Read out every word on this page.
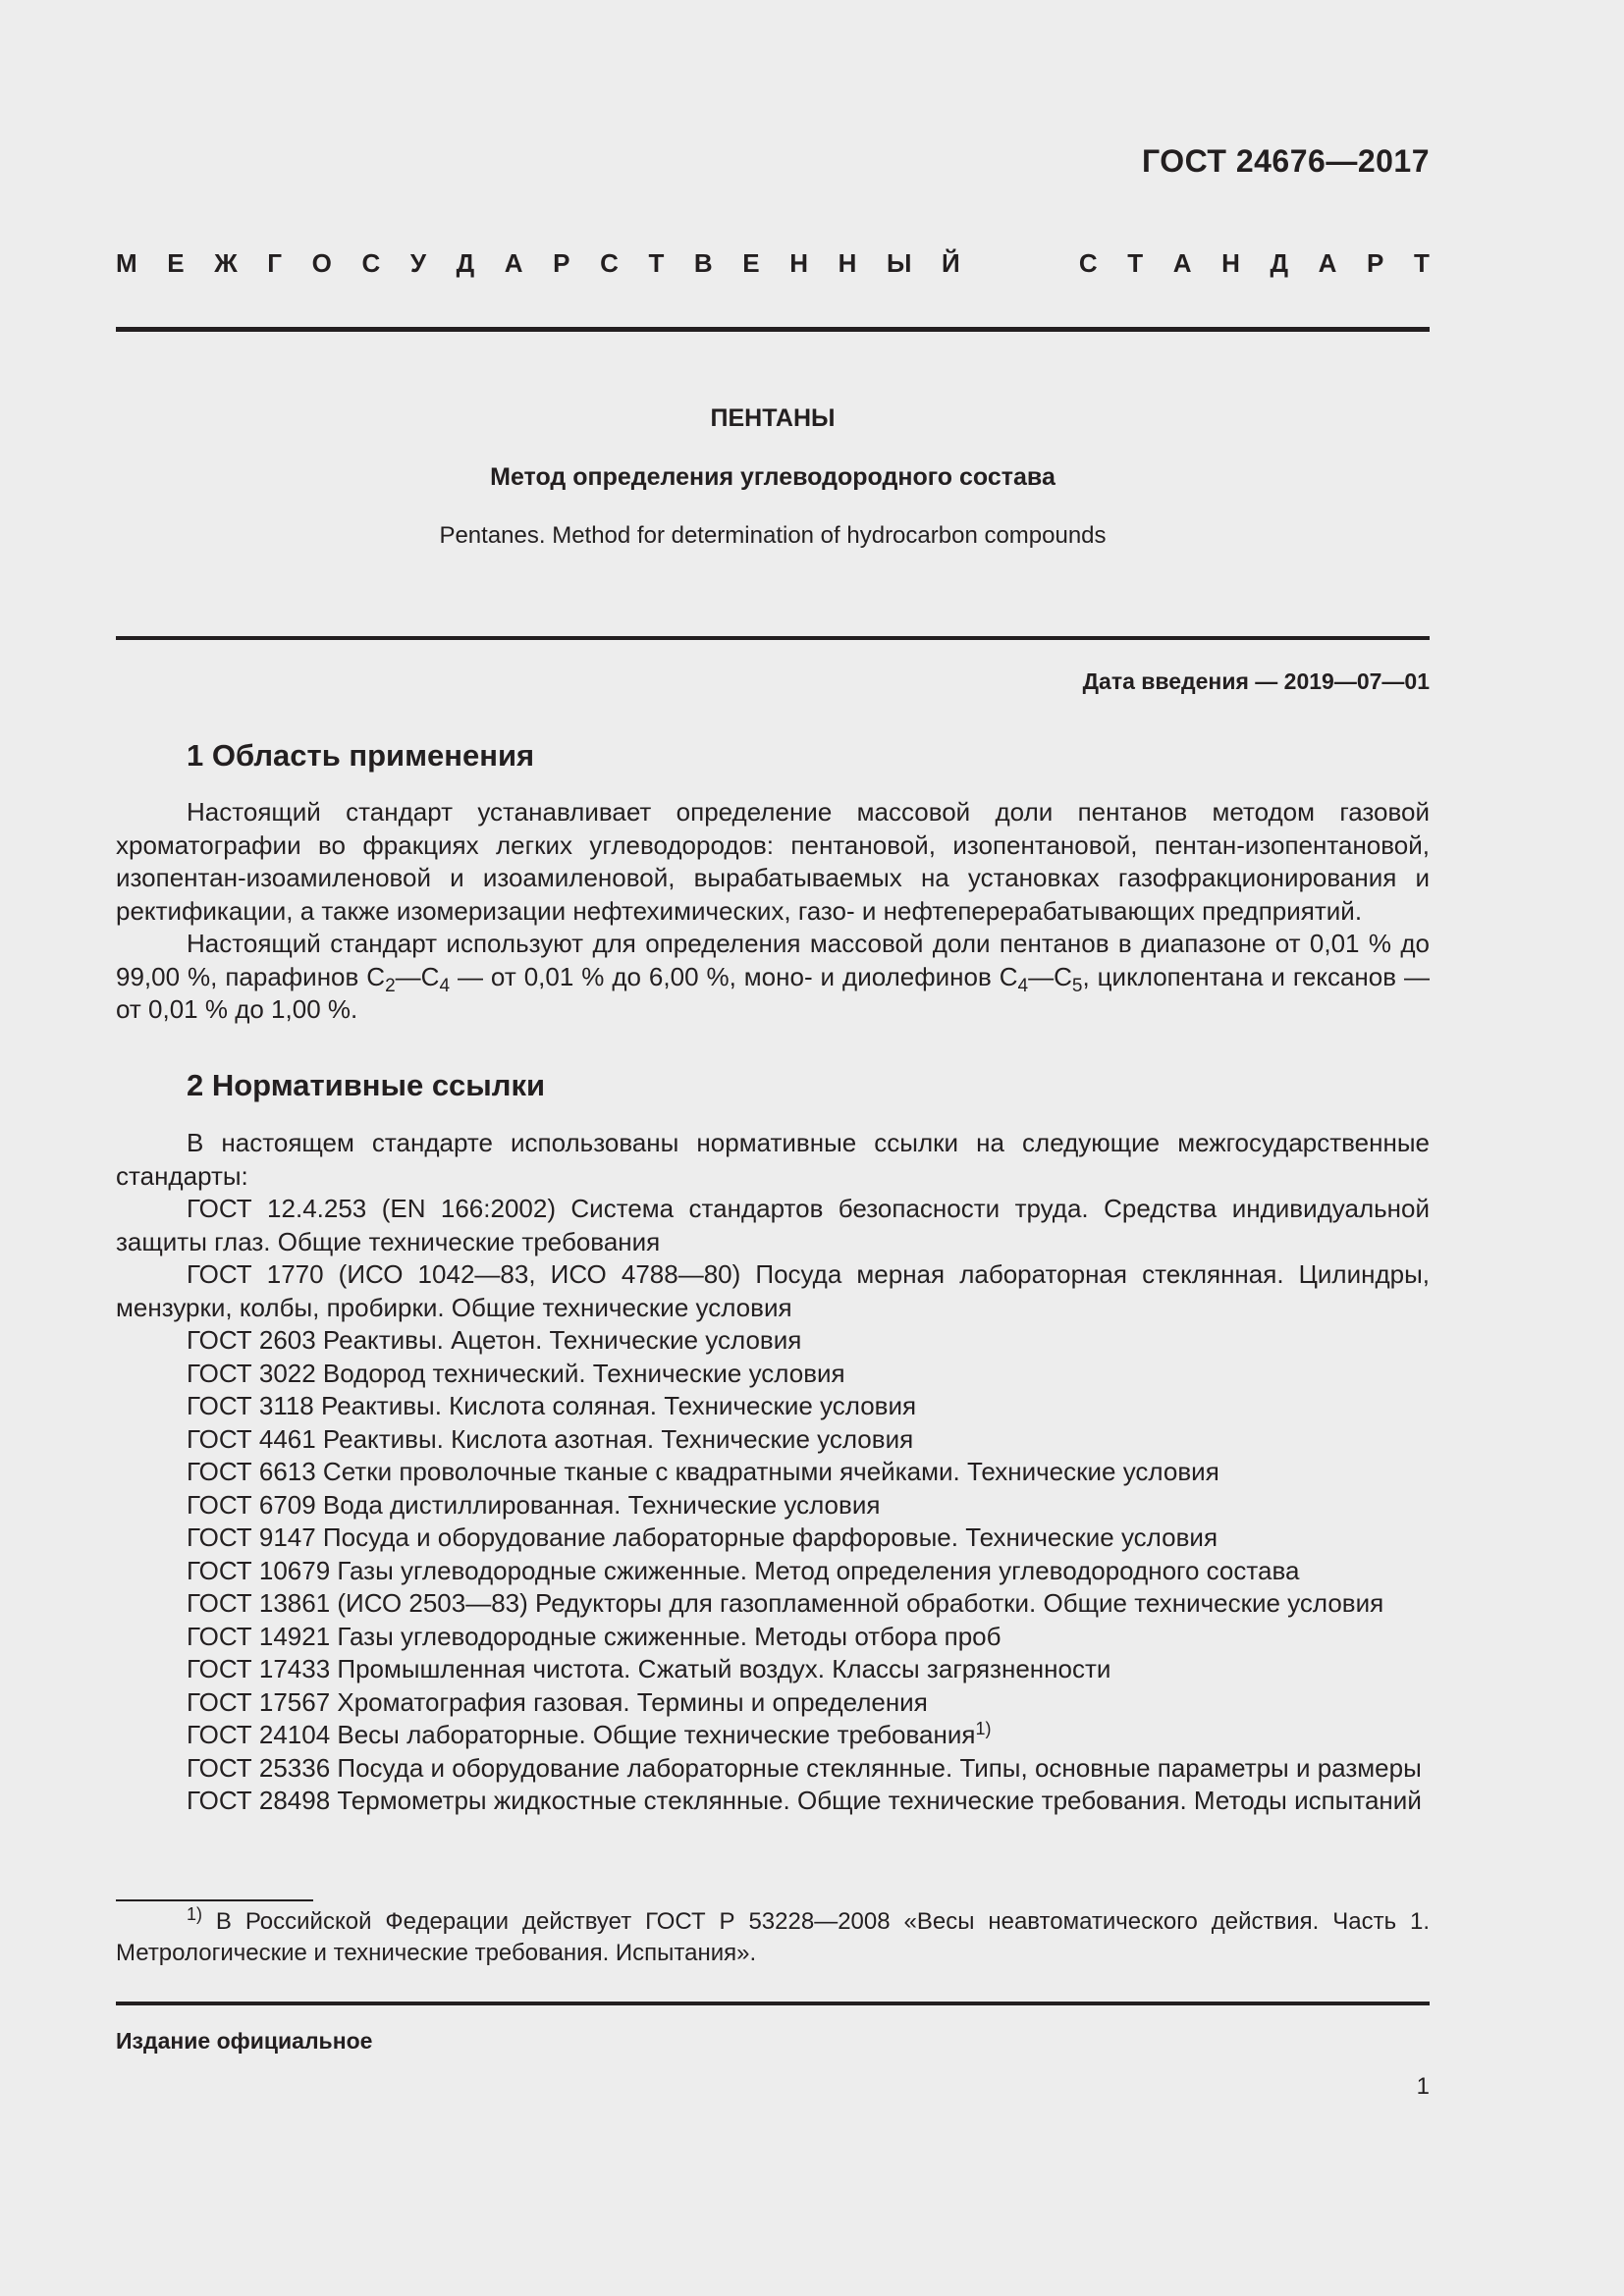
ГОСТ 24676—2017
М Е Ж Г О С У Д А Р С Т В Е Н Н Ы Й	С Т А Н Д А Р Т
ПЕНТАНЫ
Метод определения углеводородного состава
Pentanes. Method for determination of hydrocarbon compounds
Дата введения — 2019—07—01
1 Область применения

Настоящий стандарт устанавливает определение массовой доли пентанов методом газовой хроматографии во фракциях легких углеводородов: пентановой, изопентановой, пентан-изопентановой, изопентан-изоамиленовой и изоамиленовой, вырабатываемых на установках газофракционирования и ректификации, а также изомеризации нефтехимических, газо- и нефтеперерабатывающих предприятий.

Настоящий стандарт используют для определения массовой доли пентанов в диапазоне от 0,01 % до 99,00 %, парафинов $C_2—C_4$ — от 0,01 % до 6,00 %, моно- и диолефинов $C_4—C_5$, циклопентана и гексанов — от 0,01 % до 1,00 %.

2 Нормативные ссылки

В настоящем стандарте использованы нормативные ссылки на следующие межгосударственные стандарты:

ГОСТ 12.4.253 (EN 166:2002) Система стандартов безопасности труда. Средства индивидуальной защиты глаз. Общие технические требования

ГОСТ 1770 (ИСО 1042—83, ИСО 4788—80) Посуда мерная лабораторная стеклянная. Цилиндры, мензурки, колбы, пробирки. Общие технические условия

ГОСТ 2603 Реактивы. Ацетон. Технические условия

ГОСТ 3022 Водород технический. Технические условия

ГОСТ 3118 Реактивы. Кислота соляная. Технические условия

ГОСТ 4461 Реактивы. Кислота азотная. Технические условия

ГОСТ 6613 Сетки проволочные тканые с квадратными ячейками. Технические условия

ГОСТ 6709 Вода дистиллированная. Технические условия

ГОСТ 9147 Посуда и оборудование лабораторные фарфоровые. Технические условия

ГОСТ 10679 Газы углеводородные сжиженные. Метод определения углеводородного состава

ГОСТ 13861 (ИСО 2503—83) Редукторы для газопламенной обработки. Общие технические условия

ГОСТ 14921 Газы углеводородные сжиженные. Методы отбора проб

ГОСТ 17433 Промышленная чистота. Сжатый воздух. Классы загрязненности

ГОСТ 17567 Хроматография газовая. Термины и определения

ГОСТ 24104 Весы лабораторные. Общие технические требования$^{1)}$

ГОСТ 25336 Посуда и оборудование лабораторные стеклянные. Типы, основные параметры и размеры

ГОСТ 28498 Термометры жидкостные стеклянные. Общие технические требования. Методы испытаний

$^{1)}$ В Российской Федерации действует ГОСТ Р 53228—2008 «Весы неавтоматического действия. Часть 1. Метрологические и технические требования. Испытания».

Издание официальное
1
